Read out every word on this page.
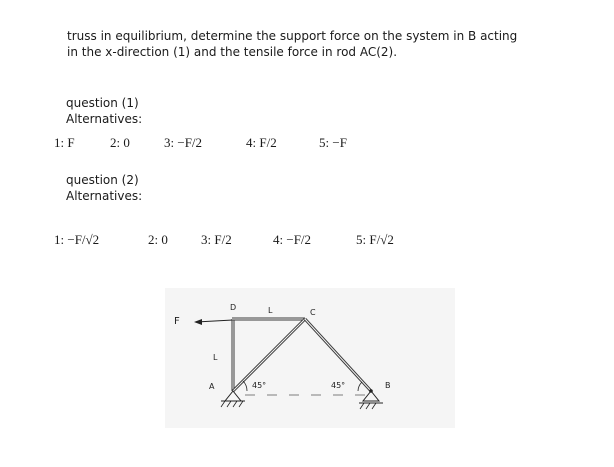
truss in equilibrium, determine the support force on the system in B acting
in the x-direction (1) and the tensile force in rod AC(2).
question (1)
Alternatives:
1: F	2: 0	3: −F/2	4: F/2	5: −F
question (2)
Alternatives:
1: −F/√2	2: 0	3: F/2	4: −F/2	5: F/√2
F
D	L	C
L
A	45°	45°	B
